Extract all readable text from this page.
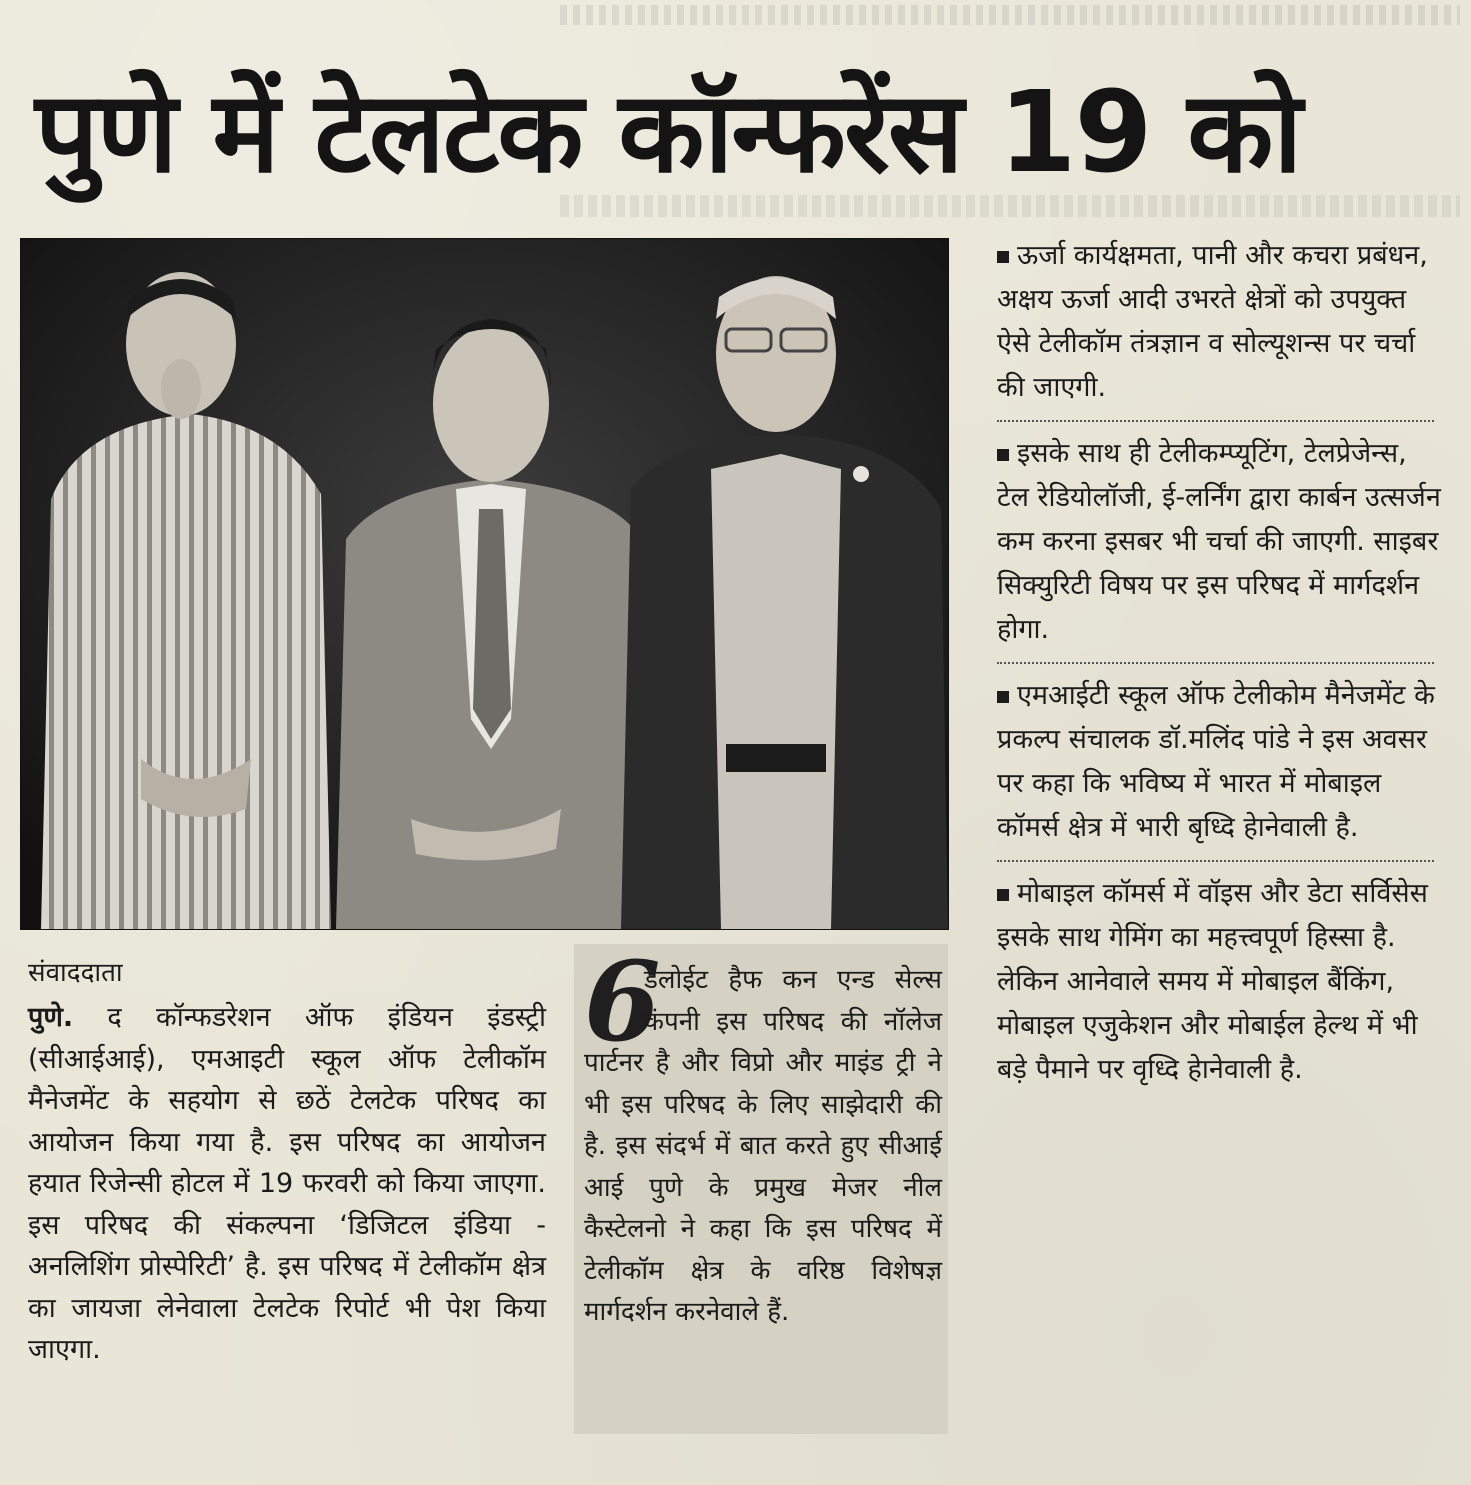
पुणे में टेलटेक कॉन्फरेंस 19 को
संवाददाता
पुणे. द कॉन्फडरेशन ऑफ इंडियन इंडस्ट्री (सीआईआई), एमआइटी स्कूल ऑफ टेलीकॉम मैनेजमेंट के सहयोग से छठें टेलटेक परिषद का आयोजन किया गया है. इस परिषद का आयोजन हयात रिजेन्सी होटल में 19 फरवरी को किया जाएगा. इस परिषद की संकल्पना ‘डिजिटल इंडिया - अनलिशिंग प्रोस्पेरिटी’ है. इस परिषद में टेलीकॉम क्षेत्र का जायजा लेनेवाला टेलटेक रिपोर्ट भी पेश किया जाएगा.
6
डेलोईट हैफ कन एन्ड सेल्स कंपनी इस परिषद की नॉलेज पार्टनर है और विप्रो और माइंड ट्री ने भी इस परिषद के लिए साझेदारी की है. इस संदर्भ में बात करते हुए सीआई आई पुणे के प्रमुख मेजर नील कैस्टेलनो ने कहा कि इस परिषद में टेलीकॉम क्षेत्र के वरिष्ठ विशेषज्ञ मार्गदर्शन करनेवाले हैं.
ऊर्जा कार्यक्षमता, पानी और कचरा प्रबंधन, अक्षय ऊर्जा आदी उभरते क्षेत्रों को उपयुक्त ऐसे टेलीकॉम तंत्रज्ञान व सोल्यूशन्स पर चर्चा की जाएगी.
इसके साथ ही टेलीकम्प्यूटिंग, टेलप्रेजेन्स, टेल रेडियोलॉजी, ई-लर्निंग द्वारा कार्बन उत्सर्जन कम करना इसबर भी चर्चा की जाएगी. साइबर सिक्युरिटी विषय पर इस परिषद में मार्गदर्शन होगा.
एमआईटी स्कूल ऑफ टेलीकोम मैनेजमेंट के प्रकल्प संचालक डॉ.मलिंद पांडे ने इस अवसर पर कहा कि भविष्य में भारत में मोबाइल कॉमर्स क्षेत्र में भारी बृध्दि हेानेवाली है.
मोबाइल कॉमर्स में वॉइस और डेटा सर्विसेस इसके साथ गेमिंग का महत्त्वपूर्ण हिस्सा है. लेकिन आनेवाले समय में मोबाइल बैंकिंग, मोबाइल एजुकेशन और मोबाईल हेल्थ में भी बड़े पैमाने पर वृध्दि हेानेवाली है.
